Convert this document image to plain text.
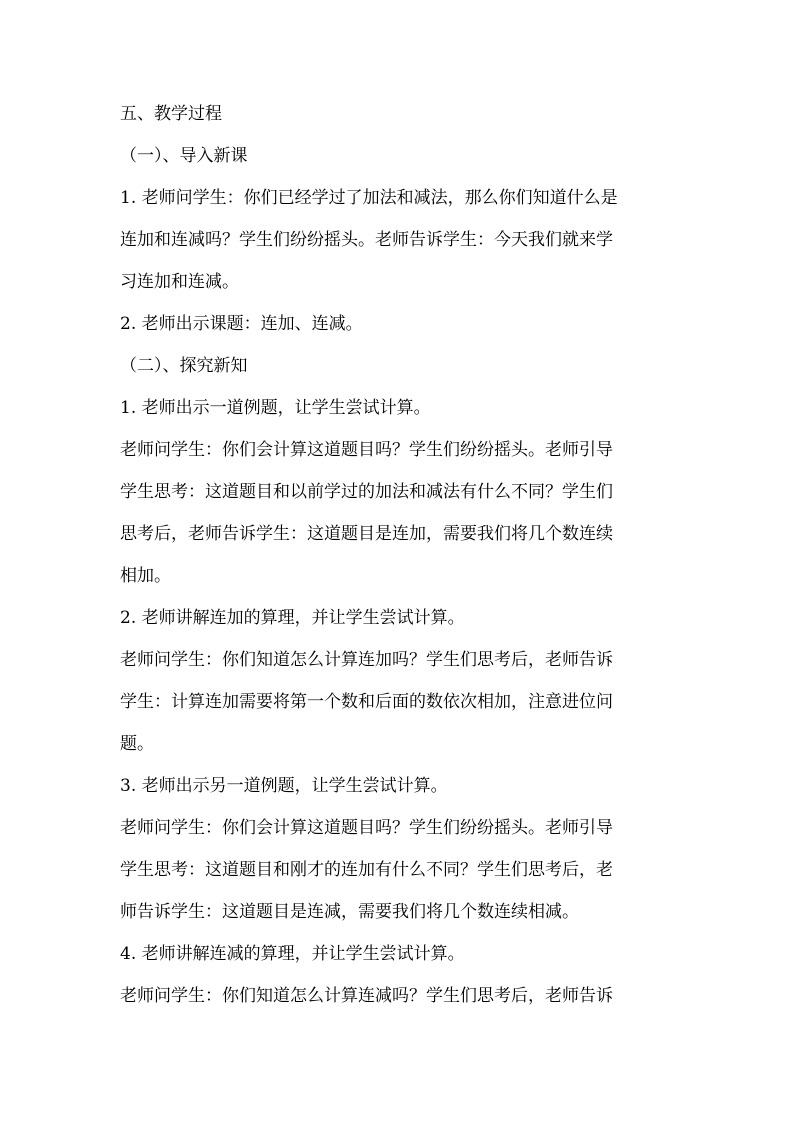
五、教学过程
（一）、导入新课
1. 老师问学生：你们已经学过了加法和减法，那么你们知道什么是
连加和连减吗？学生们纷纷摇头。老师告诉学生：今天我们就来学
习连加和连减。
2. 老师出示课题：连加、连减。
（二）、探究新知
1. 老师出示一道例题，让学生尝试计算。
老师问学生：你们会计算这道题目吗？学生们纷纷摇头。老师引导
学生思考：这道题目和以前学过的加法和减法有什么不同？学生们
思考后，老师告诉学生：这道题目是连加，需要我们将几个数连续
相加。
2. 老师讲解连加的算理，并让学生尝试计算。
老师问学生：你们知道怎么计算连加吗？学生们思考后，老师告诉
学生：计算连加需要将第一个数和后面的数依次相加，注意进位问
题。
3. 老师出示另一道例题，让学生尝试计算。
老师问学生：你们会计算这道题目吗？学生们纷纷摇头。老师引导
学生思考：这道题目和刚才的连加有什么不同？学生们思考后，老
师告诉学生：这道题目是连减，需要我们将几个数连续相减。
4. 老师讲解连减的算理，并让学生尝试计算。
老师问学生：你们知道怎么计算连减吗？学生们思考后，老师告诉
